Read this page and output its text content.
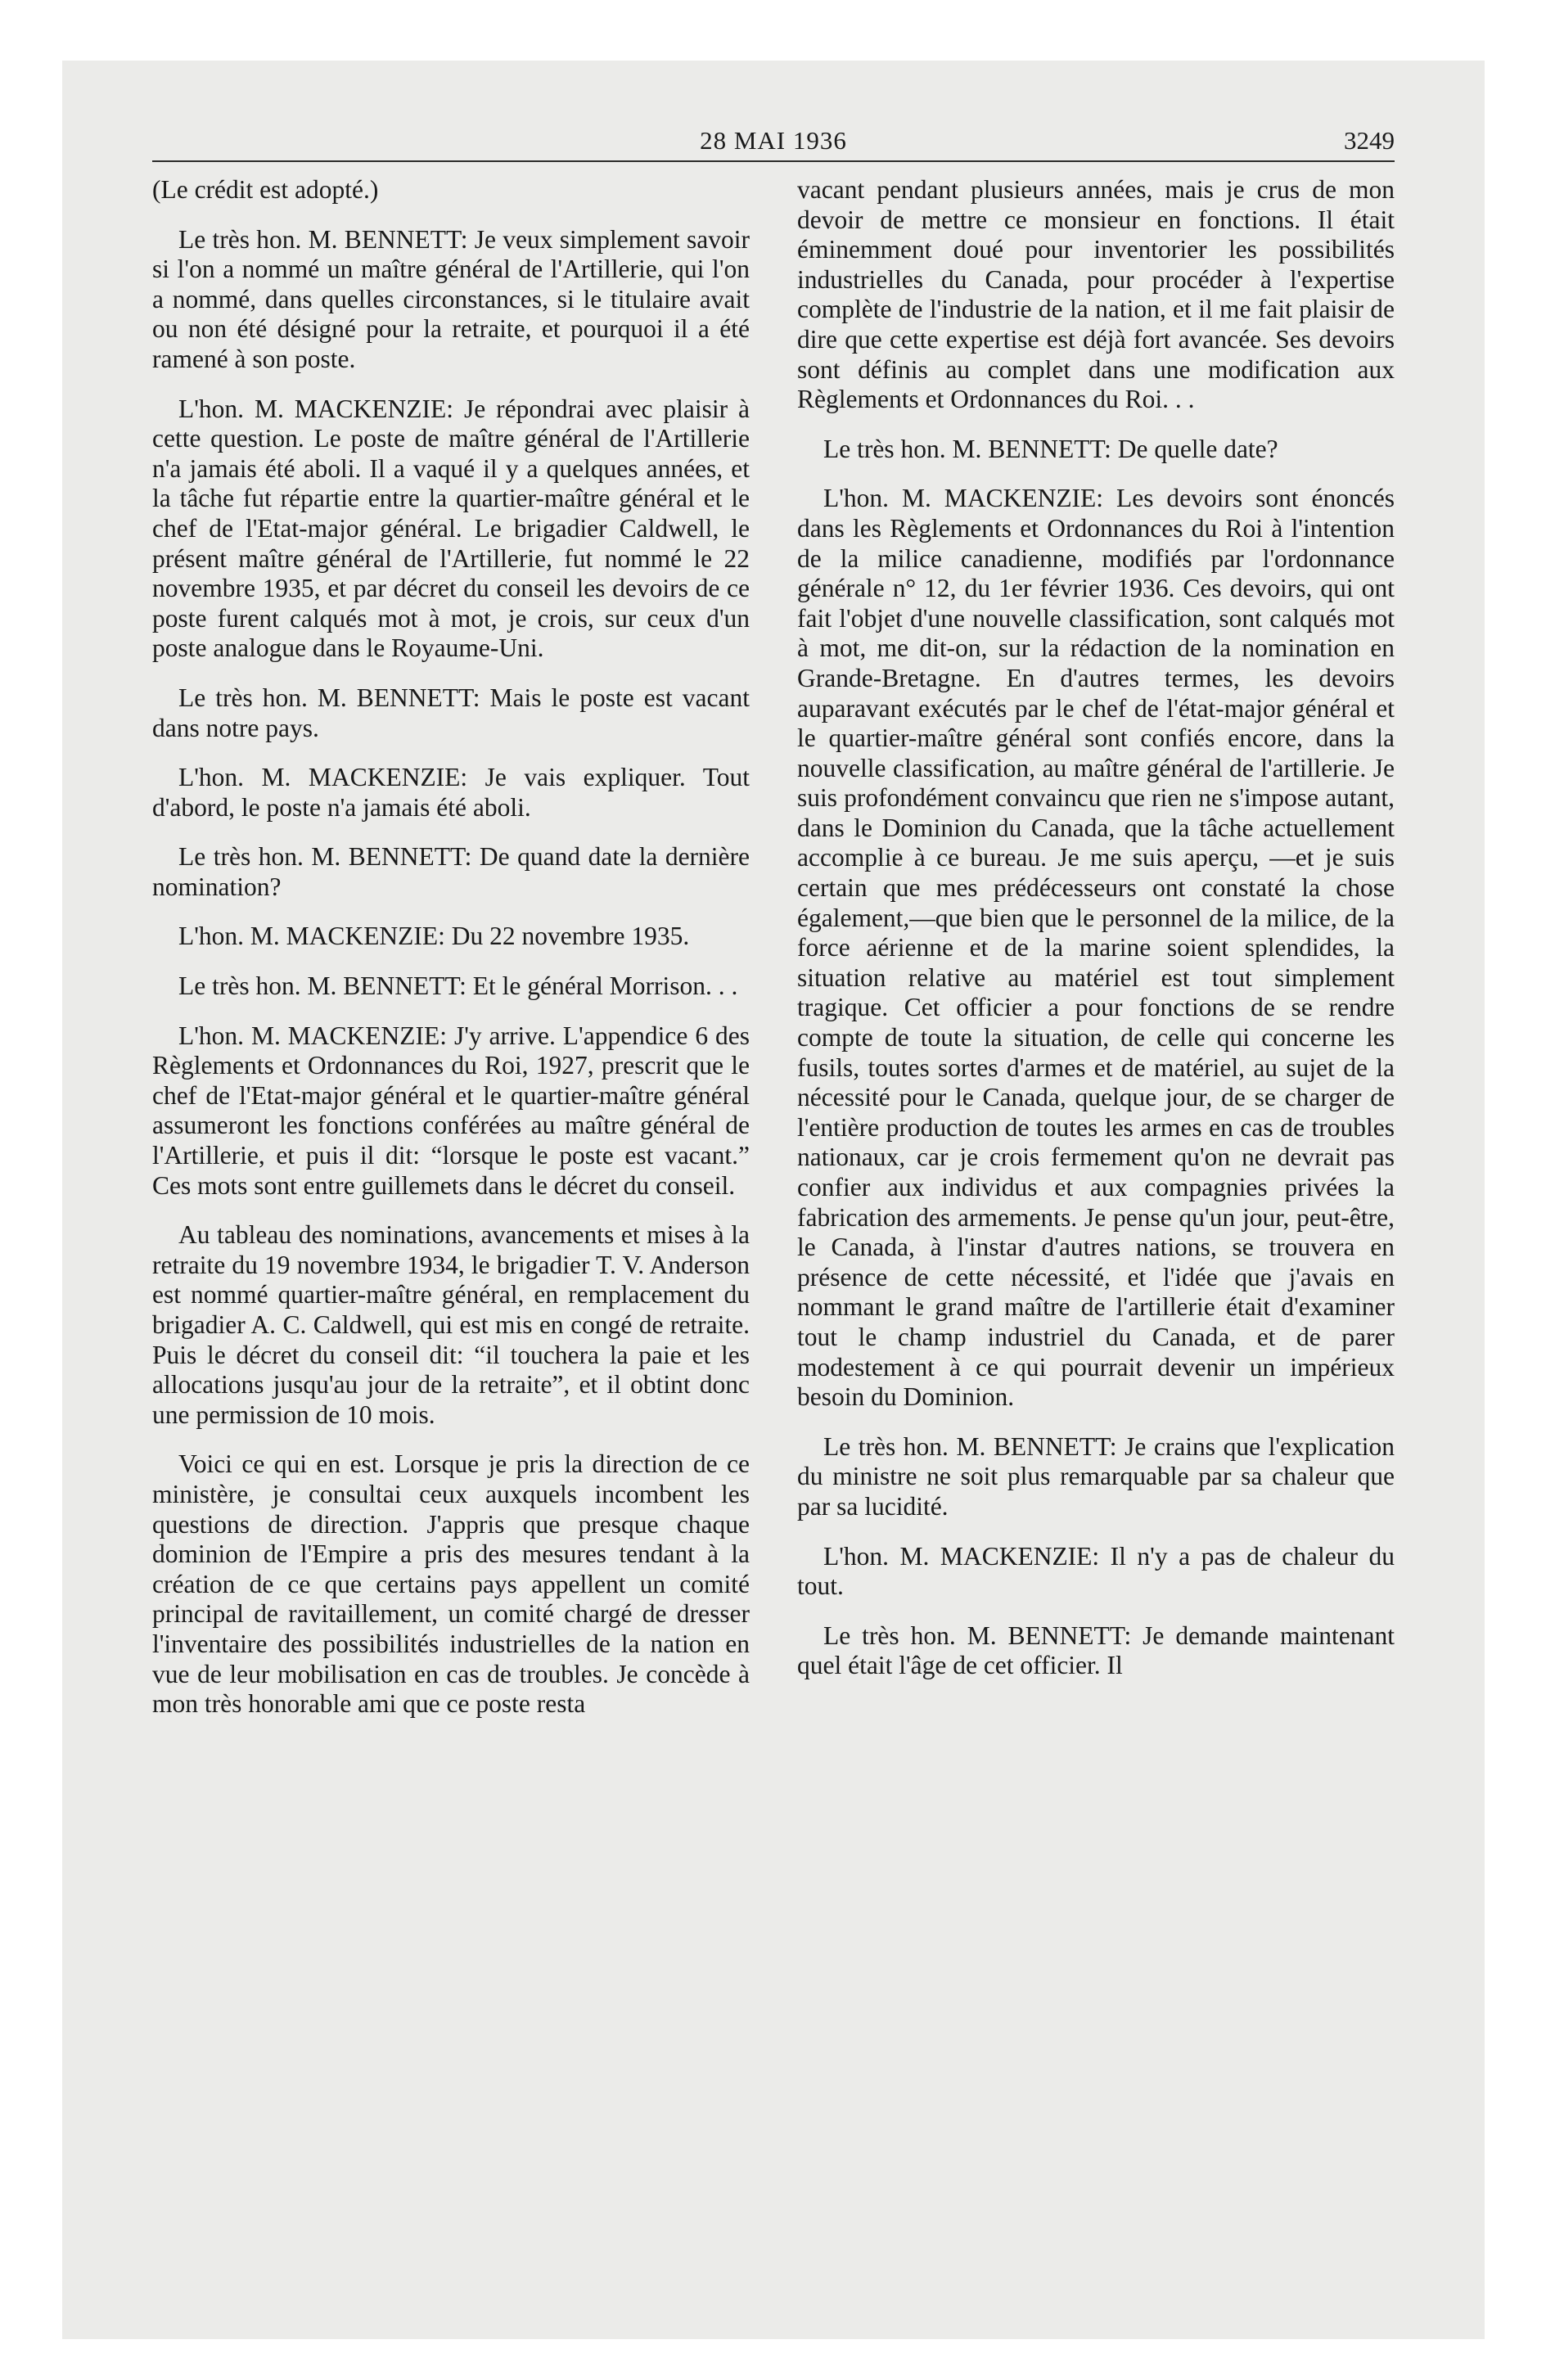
28 MAI 1936	3249

(Le crédit est adopté.)

Le très hon. M. BENNETT: Je veux simplement savoir si l'on a nommé un maître général de l'Artillerie, qui l'on a nommé, dans quelles circonstances, si le titulaire avait ou non été désigné pour la retraite, et pourquoi il a été ramené à son poste.

L'hon. M. MACKENZIE: Je répondrai avec plaisir à cette question. Le poste de maître général de l'Artillerie n'a jamais été aboli. Il a vaqué il y a quelques années, et la tâche fut répartie entre la quartier-maître général et le chef de l'Etat-major général. Le brigadier Caldwell, le présent maître général de l'Artillerie, fut nommé le 22 novembre 1935, et par décret du conseil les devoirs de ce poste furent calqués mot à mot, je crois, sur ceux d'un poste analogue dans le Royaume-Uni.

Le très hon. M. BENNETT: Mais le poste est vacant dans notre pays.

L'hon. M. MACKENZIE: Je vais expliquer. Tout d'abord, le poste n'a jamais été aboli.

Le très hon. M. BENNETT: De quand date la dernière nomination?

L'hon. M. MACKENZIE: Du 22 novembre 1935.

Le très hon. M. BENNETT: Et le général Morrison. . .

L'hon. M. MACKENZIE: J'y arrive. L'appendice 6 des Règlements et Ordonnances du Roi, 1927, prescrit que le chef de l'Etat-major général et le quartier-maître général assumeront les fonctions conférées au maître général de l'Artillerie, et puis il dit: “lorsque le poste est vacant.” Ces mots sont entre guillemets dans le décret du conseil.

Au tableau des nominations, avancements et mises à la retraite du 19 novembre 1934, le brigadier T. V. Anderson est nommé quartier-maître général, en remplacement du brigadier A. C. Caldwell, qui est mis en congé de retraite. Puis le décret du conseil dit: “il touchera la paie et les allocations jusqu'au jour de la retraite”, et il obtint donc une permission de 10 mois.

Voici ce qui en est. Lorsque je pris la direction de ce ministère, je consultai ceux auxquels incombent les questions de direction. J'appris que presque chaque dominion de l'Empire a pris des mesures tendant à la création de ce que certains pays appellent un comité principal de ravitaillement, un comité chargé de dresser l'inventaire des possibilités industrielles de la nation en vue de leur mobilisation en cas de troubles. Je concède à mon très honorable ami que ce poste resta

vacant pendant plusieurs années, mais je crus de mon devoir de mettre ce monsieur en fonctions. Il était éminemment doué pour inventorier les possibilités industrielles du Canada, pour procéder à l'expertise complète de l'industrie de la nation, et il me fait plaisir de dire que cette expertise est déjà fort avancée. Ses devoirs sont définis au complet dans une modification aux Règlements et Ordonnances du Roi. . .

Le très hon. M. BENNETT: De quelle date?

L'hon. M. MACKENZIE: Les devoirs sont énoncés dans les Règlements et Ordonnances du Roi à l'intention de la milice canadienne, modifiés par l'ordonnance générale n° 12, du 1er février 1936. Ces devoirs, qui ont fait l'objet d'une nouvelle classification, sont calqués mot à mot, me dit-on, sur la rédaction de la nomination en Grande-Bretagne. En d'autres termes, les devoirs auparavant exécutés par le chef de l'état-major général et le quartier-maître général sont confiés encore, dans la nouvelle classification, au maître général de l'artillerie. Je suis profondément convaincu que rien ne s'impose autant, dans le Dominion du Canada, que la tâche actuellement accomplie à ce bureau. Je me suis aperçu, —et je suis certain que mes prédécesseurs ont constaté la chose également,—que bien que le personnel de la milice, de la force aérienne et de la marine soient splendides, la situation relative au matériel est tout simplement tragique. Cet officier a pour fonctions de se rendre compte de toute la situation, de celle qui concerne les fusils, toutes sortes d'armes et de matériel, au sujet de la nécessité pour le Canada, quelque jour, de se charger de l'entière production de toutes les armes en cas de troubles nationaux, car je crois fermement qu'on ne devrait pas confier aux individus et aux compagnies privées la fabrication des armements. Je pense qu'un jour, peut-être, le Canada, à l'instar d'autres nations, se trouvera en présence de cette nécessité, et l'idée que j'avais en nommant le grand maître de l'artillerie était d'examiner tout le champ industriel du Canada, et de parer modestement à ce qui pourrait devenir un impérieux besoin du Dominion.

Le très hon. M. BENNETT: Je crains que l'explication du ministre ne soit plus remarquable par sa chaleur que par sa lucidité.

L'hon. M. MACKENZIE: Il n'y a pas de chaleur du tout.

Le très hon. M. BENNETT: Je demande maintenant quel était l'âge de cet officier. Il
